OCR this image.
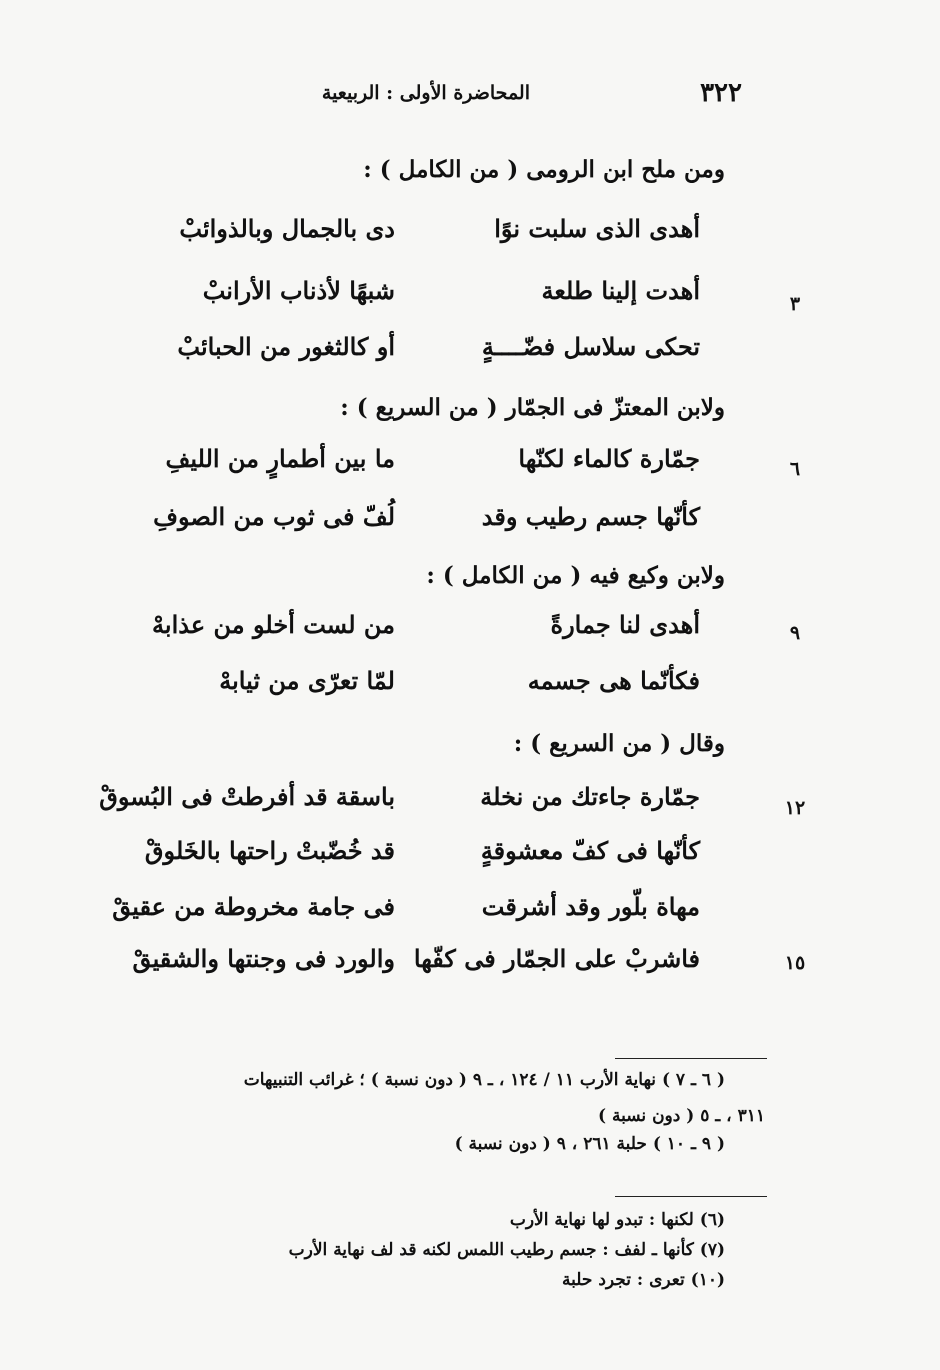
٣٢٢
المحاضرة الأولى : الربيعية
ومن ملح ابن الرومى ( من الكامل ) :
أهدى الذى سلبت نوًا
دى بالجمال وبالذوائبْ
٣
أهدت إلينا طلعة
شبهًا لأذناب الأرانبْ
تحكى سلاسل فضّــــةٍ
أو كالثغور من الحبائبْ
ولابن المعتزّ فى الجمّار ( من السريع ) :
٦
جمّارة كالماء لكنّها
ما بين أطمارٍ من الليفِ
كأنّها جسم رطيب وقد
لُفّ فى ثوب من الصوفِ
ولابن وكيع فيه ( من الكامل ) :
٩
أهدى لنا جمارةً
من لست أخلو من عذابهْ
فكأنّما هى جسمه
لمّا تعرّى من ثيابهْ
وقال ( من السريع ) :
١٢
جمّارة جاءتك من نخلة
باسقة قد أفرطتْ فى البُسوقْ
كأنّها فى كفّ معشوقةٍ
قد خُضّبتْ راحتها بالخَلوقْ
مهاة بلّور وقد أشرقت
فى جامة مخروطة من عقيقْ
١٥
فاشربْ على الجمّار فى كفّها
والورد فى وجنتها والشقيقْ
( ٦ ـ ٧ ) نهاية الأرب ١١ / ١٢٤ ، ـ ٩ ( دون نسبة ) ؛ غرائب التنبيهات
٣١١ ، ـ ٥ ( دون نسبة )
( ٩ ـ ١٠ ) حلبة ٢٦١ ، ٩ ( دون نسبة )
(٦) لكنها : تبدو لها نهاية الأرب
(٧) كأنها ـ لفف : جسم رطيب اللمس لكنه قد لف نهاية الأرب
(١٠) تعرى : تجرد حلبة
